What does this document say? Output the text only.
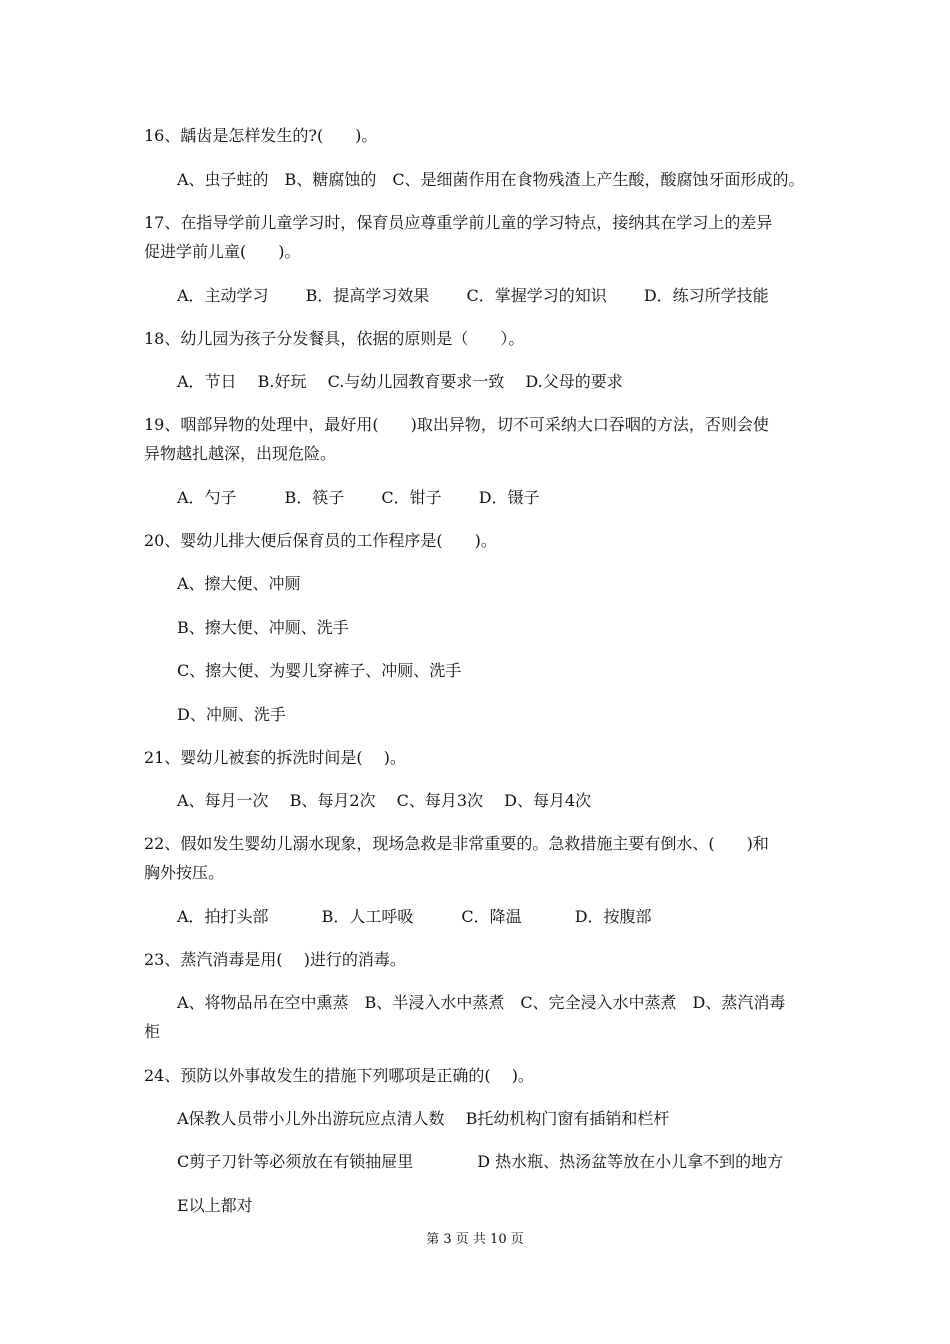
16、龋齿是怎样发生的?(　　)。
A、虫子蛀的　B、糖腐蚀的　C、是细菌作用在食物残渣上产生酸，酸腐蚀牙面形成的。
17、在指导学前儿童学习时，保育员应尊重学前儿童的学习特点，接纳其在学习上的差异
促进学前儿童(　　)。
A．主动学习　　 B．提高学习效果　　 C．掌握学习的知识　　 D．练习所学技能
18、幼儿园为孩子分发餐具，依据的原则是（　　）。
A．节日　 B.好玩　 C.与幼儿园教育要求一致　 D.父母的要求
19、咽部异物的处理中，最好用(　　)取出异物，切不可采纳大口吞咽的方法，否则会使
异物越扎越深，出现危险。
A．勺子　　　B．筷子　　 C．钳子　　 D．镊子
20、婴幼儿排大便后保育员的工作程序是(　　)。
A、擦大便、冲厕
B、擦大便、冲厕、洗手
C、擦大便、为婴儿穿裤子、冲厕、洗手
D、冲厕、洗手
21、婴幼儿被套的拆洗时间是(　 )。
A、每月一次　 B、每月2次　 C、每月3次　 D、每月4次
22、假如发生婴幼儿溺水现象，现场急救是非常重要的。急救措施主要有倒水、(　　)和
胸外按压。
A．拍打头部　　　 B．人工呼吸　　　C．降温　　　 D．按腹部
23、蒸汽消毒是用(　 )进行的消毒。
A、将物品吊在空中熏蒸　B、半浸入水中蒸煮　C、完全浸入水中蒸煮　D、蒸汽消毒
柜
24、预防以外事故发生的措施下列哪项是正确的(　 )。
A保教人员带小儿外出游玩应点清人数　 B托幼机构门窗有插销和栏杆
C剪子刀针等必须放在有锁抽屉里　　　　D 热水瓶、热汤盆等放在小儿拿不到的地方
E以上都对
第 3 页 共 10 页
